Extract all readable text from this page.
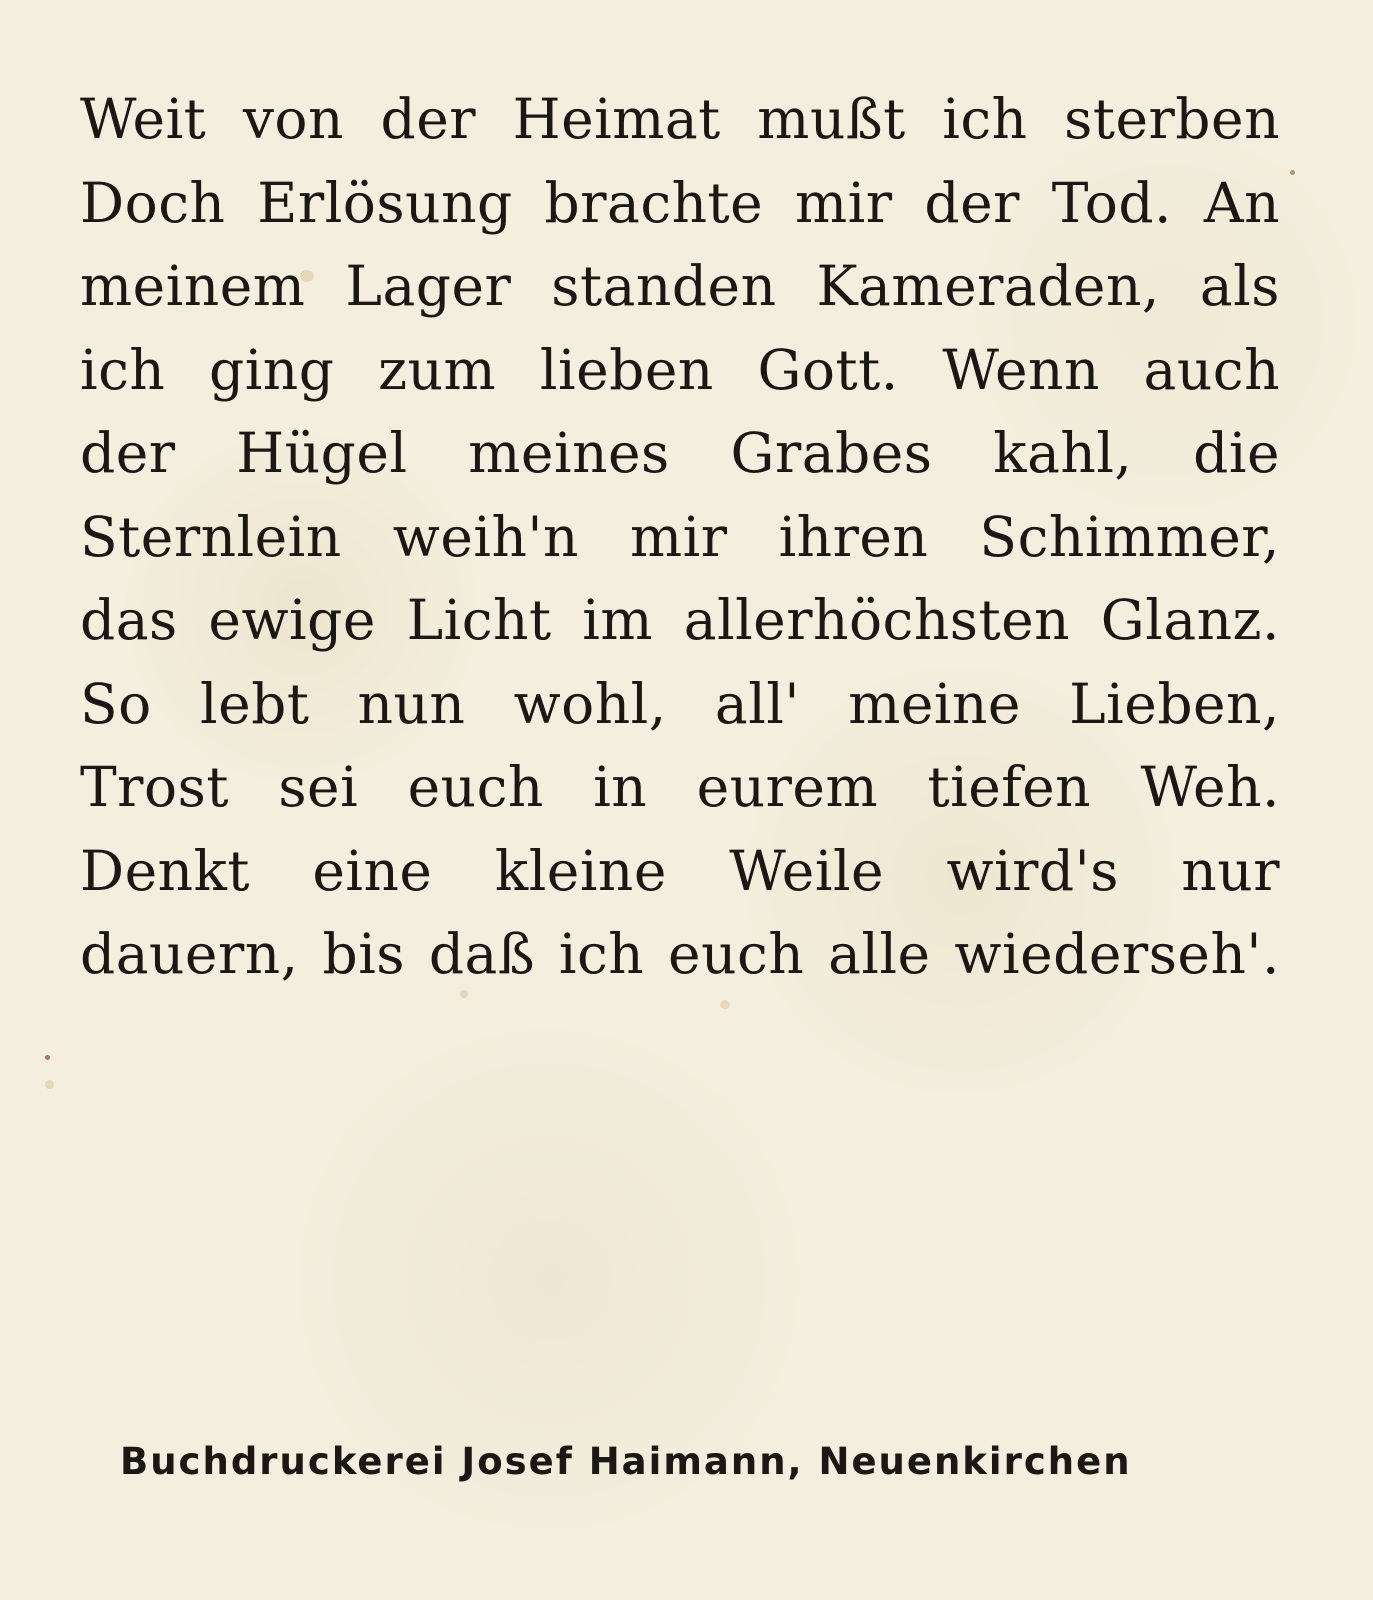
Weit von der Heimat mußt ich sterben
Doch Erlösung brachte mir der Tod. An
meinem Lager standen Kameraden, als
ich ging zum lieben Gott. Wenn auch
der Hügel meines Grabes kahl, die
Sternlein weih'n mir ihren Schimmer,
das ewige Licht im allerhöchsten Glanz.
So lebt nun wohl, all' meine Lieben,
Trost sei euch in eurem tiefen Weh.
Denkt eine kleine Weile wird's nur
dauern, bis daß ich euch alle wiederseh'.
Buchdruckerei Josef Haimann, Neuenkirchen
